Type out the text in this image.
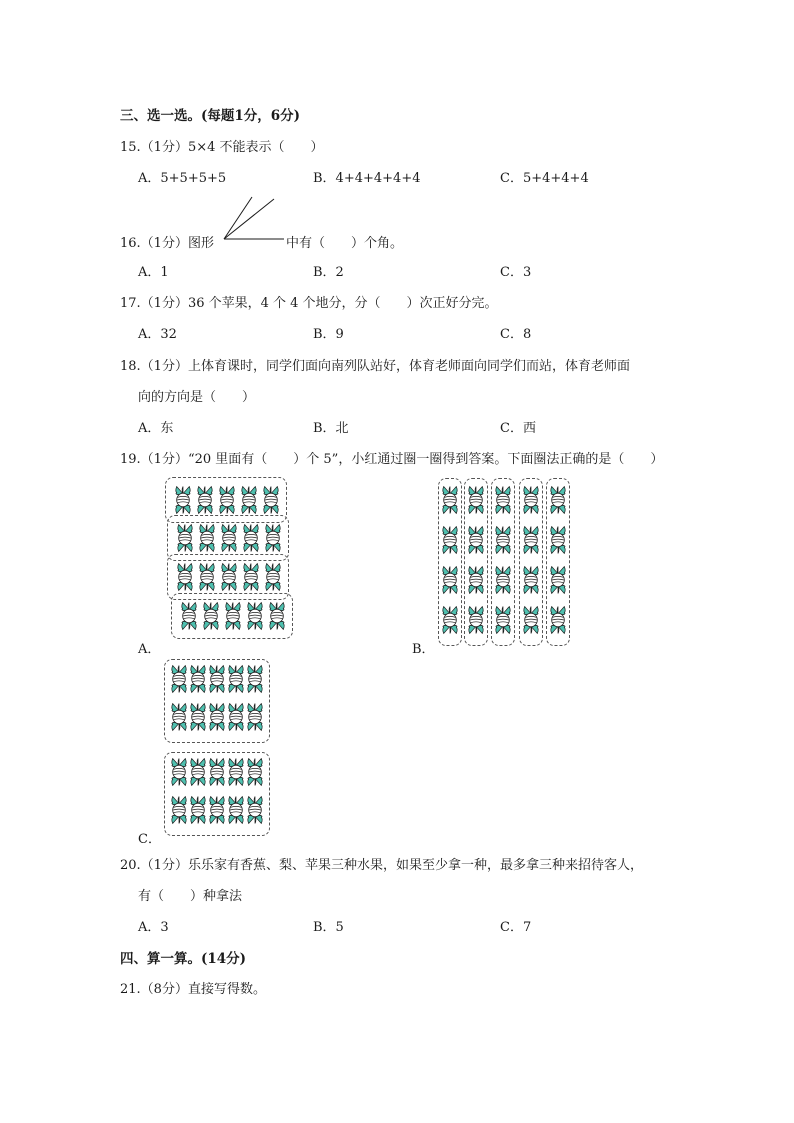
三、选一选。(每题1分，6分)
15.（1分）5×4 不能表示（　　）
A．5+5+5+5	B．4+4+4+4+4	C．5+4+4+4
16.（1分）图形	中有（　　）个角。
A．1	B．2	C．3
17.（1分）36 个苹果，4 个 4 个地分，分（　　）次正好分完。
A．32	B．9	C．8
18.（1分）上体育课时，同学们面向南列队站好，体育老师面向同学们而站，体育老师面
向的方向是（　　）
A．东	B．北	C．西
19.（1分）“20 里面有（　　）个 5”，小红通过圈一圈得到答案。下面圈法正确的是（　　）
A．	B．
C．
20.（1分）乐乐家有香蕉、梨、苹果三种水果，如果至少拿一种，最多拿三种来招待客人，
有（　　）种拿法
A．3	B．5	C．7
四、算一算。(14分)
21.（8分）直接写得数。
